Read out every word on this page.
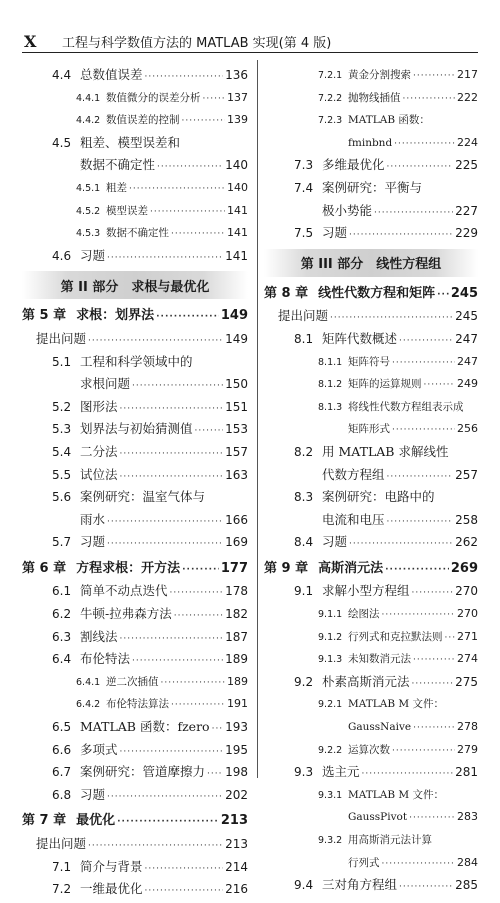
X 工程与科学数值方法的 MATLAB 实现(第 4 版)
4.4 总数值误差 ·····	136
4.4.1 数值微分的误差分析 ····· 137
4.4.2 数值误差的控制 ·····	139
4.5 粗差、模型误差和
数据不确定性 ·····	140
4.5.1 粗差 ·····	140
4.5.2 模型误差 ·····	141
4.5.3 数据不确定性 ·····	141
4.6 习题 ·····	141
第 II 部分　求根与最优化
第 5 章 求根：划界法 ·····	149
提出问题 ·····	149
5.1 工程和科学领域中的
求根问题 ·····	150
5.2 图形法 ·····	151
5.3 划界法与初始猜测值 ·····	153
5.4 二分法 ·····	157
5.5 试位法 ·····	163
5.6 案例研究：温室气体与
雨水 ·····	166
5.7 习题 ·····	169
第 6 章 方程求根：开方法 ·····	177
6.1 简单不动点迭代 ·····	178
6.2 牛顿-拉弗森方法 ·····	182
6.3 割线法 ·····	187
6.4 布伦特法 ·····	189
6.4.1 逆二次插值 ·····	189
6.4.2 布伦特法算法 ·····	191
6.5 MATLAB 函数：fzero ····· 193
6.6 多项式 ·····	195
6.7 案例研究：管道摩擦力 ····· 198
6.8 习题 ·····	202
第 7 章 最优化 ·····	213
提出问题 ·····	213
7.1 简介与背景 ·····	214
7.2 一维最优化 ·····	216
7.2.1 黄金分割搜索 ·····	217
7.2.2 抛物线插值 ·····	222
7.2.3 MATLAB 函数：
fminbnd ·····	224
7.3 多维最优化 ·····	225
7.4 案例研究：平衡与
极小势能 ·····	227
7.5 习题 ·····	229
第 III 部分　线性方程组
第 8 章 线性代数方程和矩阵 ····· 245
提出问题 ·····	245
8.1 矩阵代数概述 ·····	247
8.1.1 矩阵符号 ·····	247
8.1.2 矩阵的运算规则 ·····	249
8.1.3 将线性代数方程组表示成
矩阵形式 ·····	256
8.2 用 MATLAB 求解线性
代数方程组 ·····	257
8.3 案例研究：电路中的
电流和电压 ·····	258
8.4 习题 ·····	262
第 9 章 高斯消元法 ·····	269
9.1 求解小型方程组 ·····	270
9.1.1 绘图法 ·····	270
9.1.2 行列式和克拉默法则 ····· 271
9.1.3 未知数消元法 ·····	274
9.2 朴素高斯消元法 ·····	275
9.2.1 MATLAB M 文件：
GaussNaive ·····	278
9.2.2 运算次数 ·····	279
9.3 选主元 ·····	281
9.3.1 MATLAB M 文件：
GaussPivot ·····	283
9.3.2 用高斯消元法计算
行列式 ·····	284
9.4 三对角方程组 ·····	285
